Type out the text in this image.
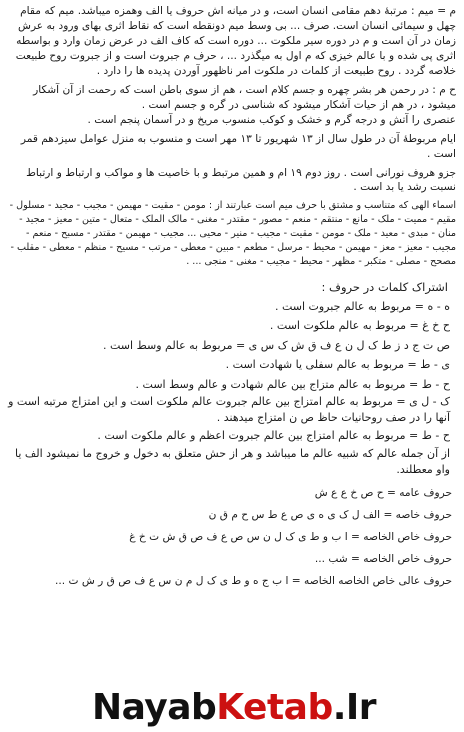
م = میم : مرتبهٔ دهم مقامی انسان است، و در میانه اش حروف یا الف وهمزه میباشد. میم که مقام چهل و سیمائی انسان است. صرف ... بی وسط میم دونقطه است که نقاط اثری بهای ورود به عرش زمان در آن است و م در دوره سیر ملکوت ... دوره است که کاف الف در عرض زمان وارد و بواسطه اثری پی شده و با عالم خیزی که م اول به میگذرد ... ، حرف م جبروت است و از جبروت روح طبیعت خلاصه گردد . روح طبیعت از کلمات در ملکوت امر ناظهور آوردن پدیده ها را دارد .

ح م : در رحمن هر بشر چهره و جسم کلام است ، هم از سوی باطن است که رحمت از آن آشکار میشود ، در هم از حیات آشکار میشود که شناسی در گره و جسم است .

عنصری را آتش و درجه گرم و خشک و کوکب منسوب مریخ و در آسمان پنجم است .

ایام مربوطهٔ آن در طول سال از ۱۳ شهریور تا ۱۳ مهر است و منسوب به منزل عوامل سیزدهم قمر است .

جزو هروف نورانی است . روز دوم ۱۹ ام و همین مرتبط و با خاصیت ها و مواکب و ارتباط و ارتباط نسبت رشد یا بد است .

اسماء الهی که متناسب و مشتق با حرف میم است عبارتند از : مومن - مقیت - مهیمن - مجیب - مجید - مسلول - مقیم - ممیت - ملک - مانع - منتقم - منعم - مصور - مقتدر - مغنی - مالک الملک - متعال - متین - معیز - مجید - منان - مبدی - معید - ملک - مومن - مقیت - مجیب - منیر - محیی ... مجیب - مهیمن - مقتدر - مسبح - منعم - مجیب - معیز - معز - مهیمن - محیط - مرسل - مطعم - مبین - معطی - مرتب - مسیح - منظم - معطی - مقلب - مصحح - مصلی - متکبر - مظهر - محیط - مجیب - مغنی - منجی ... .

اشتراک کلمات در حروف :

ه - ه = مربوط به عالم جبروت است .

ح خ غ = مربوط به عالم ملکوت است .

ص ت ج د ز ط ک ل ن ع ف ق ش ک س ی = مربوط به عالم وسط است .

ی - ط = مربوط به عالم سفلی یا شهادت است .

ح - ط = مربوط به عالم متزاج بین عالم شهادت و عالم وسط است .

ک - ل ی = مربوط به عالم امتزاج بین عالم جبروت عالم ملکوت است و این امتزاج مرتبه است و آنها را در صف روحانیات حاظ ص ن امتزاج میدهند .

ح - ط = مربوط به عالم امتزاج بین عالم جبروت اعظم و عالم ملکوت است .

از آن جمله عالم که شبیه عالم ما میباشد و هر از حش متعلق به دخول و خروج ما نمیشود الف یا واو معطلند.

حروف عامه = ح ص خ ع ع ش

حروف خاصه = الف ل ک ی ه ی ص ع ط س ح م ق ن

حروف خاص الخاصه = ا ب و ط ی ک ل ن س ص ع ف ص ق ش ت خ غ

حروف خاص الخاصه = شب ...

حروف عالی خاص الخاصه الخاصه = ا ب ج ه و ط ی ک ل م ن س ع ف ص ق ر ش ت ...

NayabKetab.Ir
